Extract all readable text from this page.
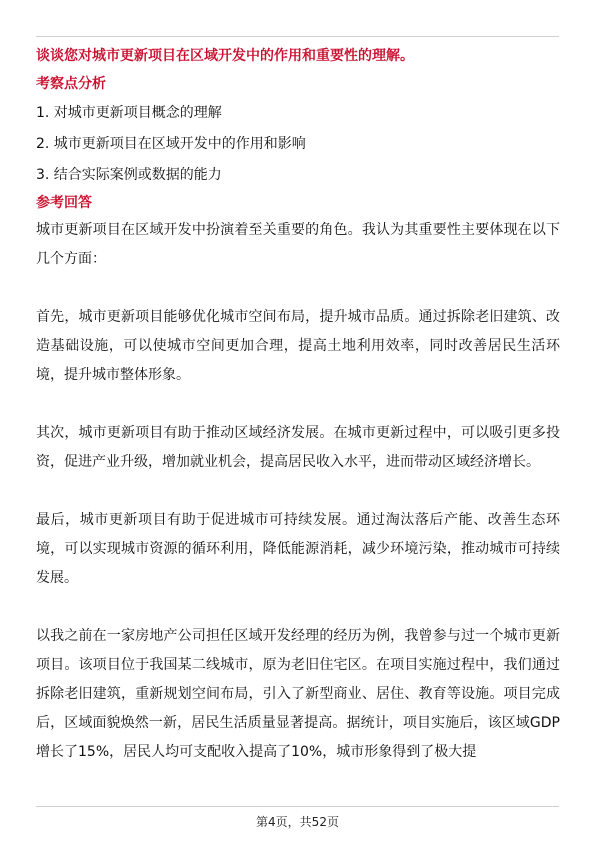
谈谈您对城市更新项目在区域开发中的作用和重要性的理解。
考察点分析
1. 对城市更新项目概念的理解
2. 城市更新项目在区域开发中的作用和影响
3. 结合实际案例或数据的能力
参考回答

城市更新项目在区域开发中扮演着至关重要的角色。我认为其重要性主要体现在以下几个方面：

首先，城市更新项目能够优化城市空间布局，提升城市品质。通过拆除老旧建筑、改造基础设施，可以使城市空间更加合理，提高土地利用效率，同时改善居民生活环境，提升城市整体形象。

其次，城市更新项目有助于推动区域经济发展。在城市更新过程中，可以吸引更多投资，促进产业升级，增加就业机会，提高居民收入水平，进而带动区域经济增长。

最后，城市更新项目有助于促进城市可持续发展。通过淘汰落后产能、改善生态环境，可以实现城市资源的循环利用，降低能源消耗，减少环境污染，推动城市可持续发展。

以我之前在一家房地产公司担任区域开发经理的经历为例，我曾参与过一个城市更新项目。该项目位于我国某二线城市，原为老旧住宅区。在项目实施过程中，我们通过拆除老旧建筑，重新规划空间布局，引入了新型商业、居住、教育等设施。项目完成后，区域面貌焕然一新，居民生活质量显著提高。据统计，项目实施后，该区域GDP增长了15%，居民人均可支配收入提高了10%，城市形象得到了极大提

第4页，共52页
